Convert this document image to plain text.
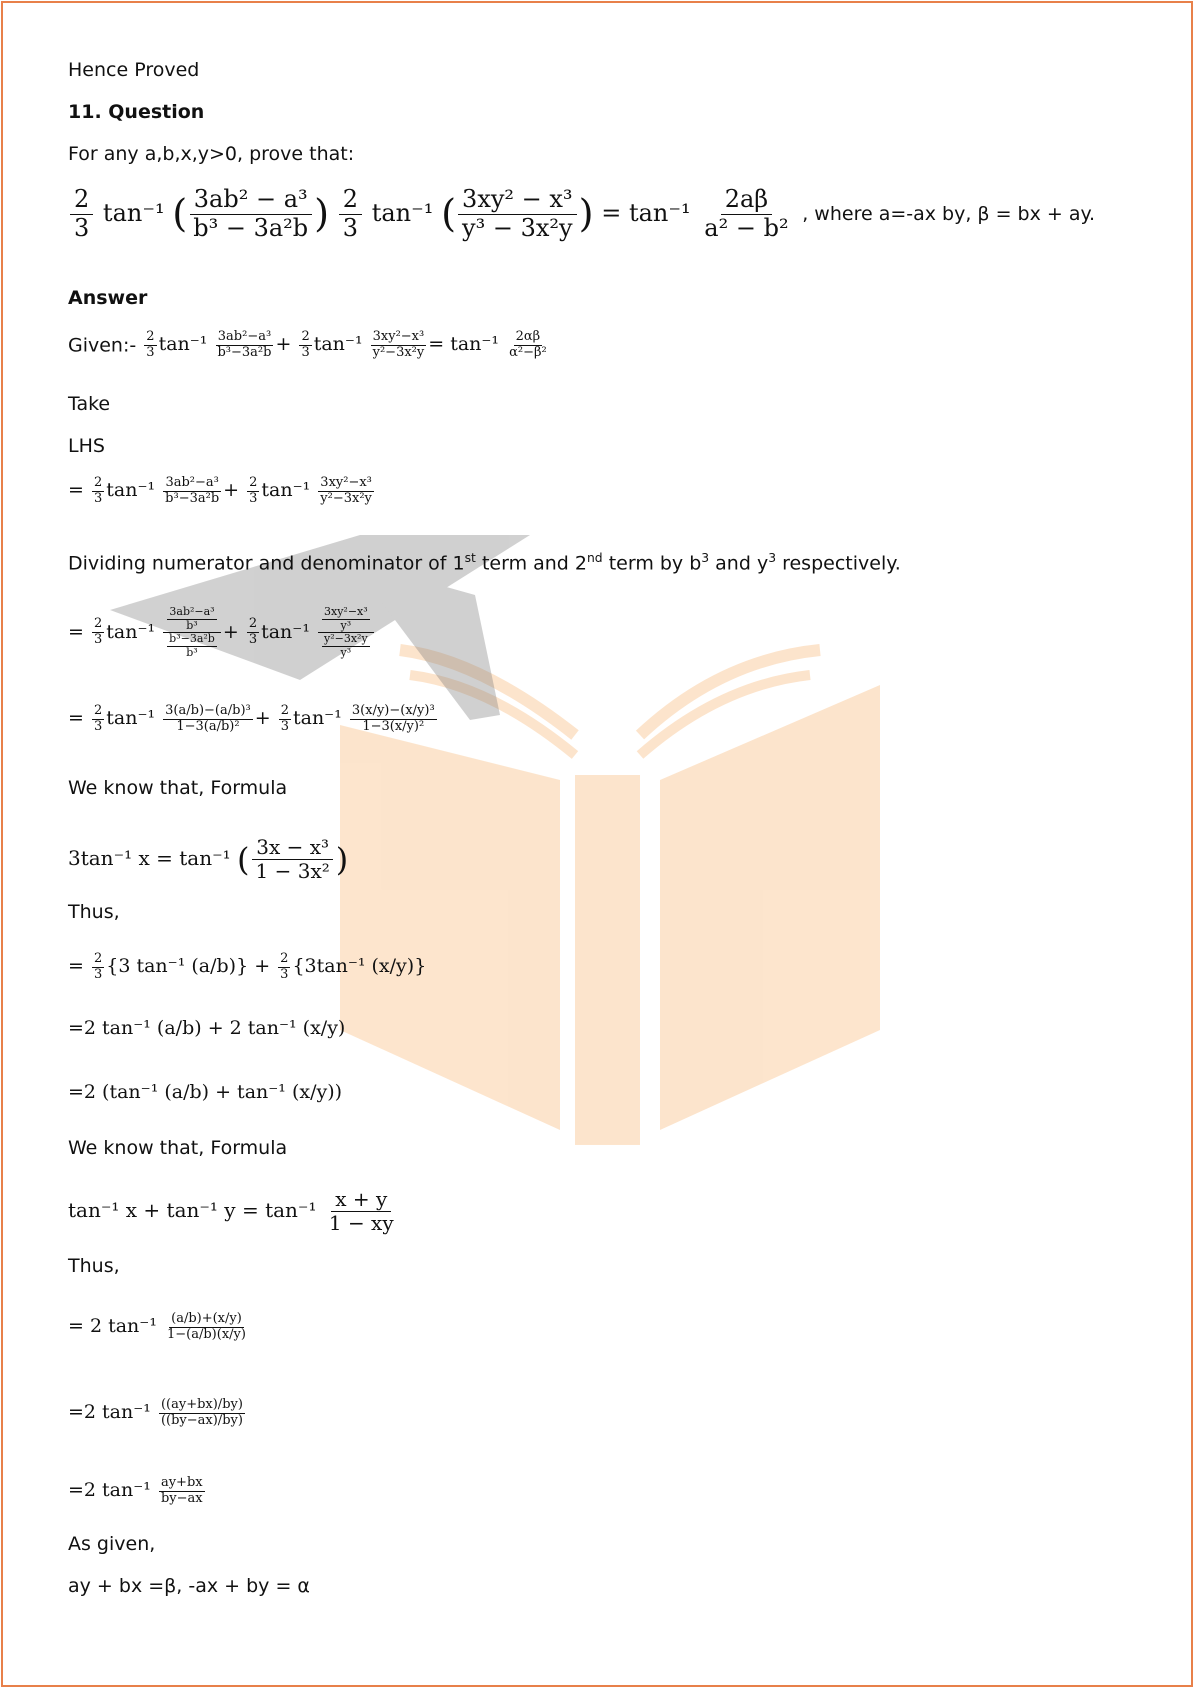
Hence Proved
11. Question
For any a,b,x,y>0, prove that:
$\frac{2}{3} \tan^{-1}$ ( $\frac{\text{3ab² − a³}}{\text{b³ − 3a²b}}$ ) $\frac{2}{3} \tan^{-1}$ ( $\frac{\text{3xy² − x³}}{\text{y³ − 3x²y}}$ ) = $\tan^{-1} \frac{2a\beta}{\text{a² − b²}}$ , where a=-ax by, β = bx + ay.
Answer
Given:- $\frac{2}{3} \tan^{-1} \frac{\text{3ab²−a³}}{\text{b³−3a²b}} + \frac{2}{3} \tan^{-1} \frac{\text{3xy²−x³}}{\text{y²−3x²y}} = \tan^{-1} \frac{2\alpha\beta}{\text{α²−β²}}$
Take
LHS
= $\frac{2}{3} \tan^{-1} \frac{\text{3ab²−a³}}{\text{b³−3a²b}} + \frac{2}{3} \tan^{-1} \frac{\text{3xy²−x³}}{\text{y²−3x²y}}$
Dividing numerator and denominator of 1st term and 2nd term by $b^3$ and $y^3$ respectively.
= $\frac{2}{3} \tan^{-1} \frac{\frac{\text{3ab²−a³}}{\text{b³}}}{\frac{\text{b³−3a²b}}{\text{b³}}} + \frac{2}{3} \tan^{-1} \frac{\frac{\text{3xy²−x³}}{\text{y³}}}{\frac{\text{y²−3x²y}}{\text{y³}}}$
= $\frac{2}{3} \tan^{-1} \frac{\text{3(a/b)−(a/b)³}}{\text{1−3(a/b)²}} + \frac{2}{3} \tan^{-1} \frac{\text{3(x/y)−(x/y)³}}{\text{1−3(x/y)²}}$
We know that, Formula
3tan⁻¹ x = tan⁻¹ ( $\frac{\text{3x − x³}}{\text{1 − 3x²}}$ )
Thus,
= $\frac{2}{3} \{3$ tan⁻¹ $(a/b)\} + \frac{2}{3} \{3\tan^{-1}$ (x/y)}
=2 tan⁻¹ (a/b) + 2 tan⁻¹ (x/y)
=2 (tan⁻¹ (a/b) + tan⁻¹ (x/y))
We know that, Formula
tan⁻¹ x + tan⁻¹ $y = \tan^{-1} \frac{x + y}{1 - xy}$
Thus,
= 2 $\tan^{-1} \frac{(a/b)+(x/y)}{1-(a/b)(x/y)}$
=2 $\tan^{-1} \frac{((ay+bx)/by)}{((by-ax)/by)}$
=2 $\tan^{-1} \frac{ay+bx}{by-ax}$
As given,
ay + bx =β, -ax + by = α
